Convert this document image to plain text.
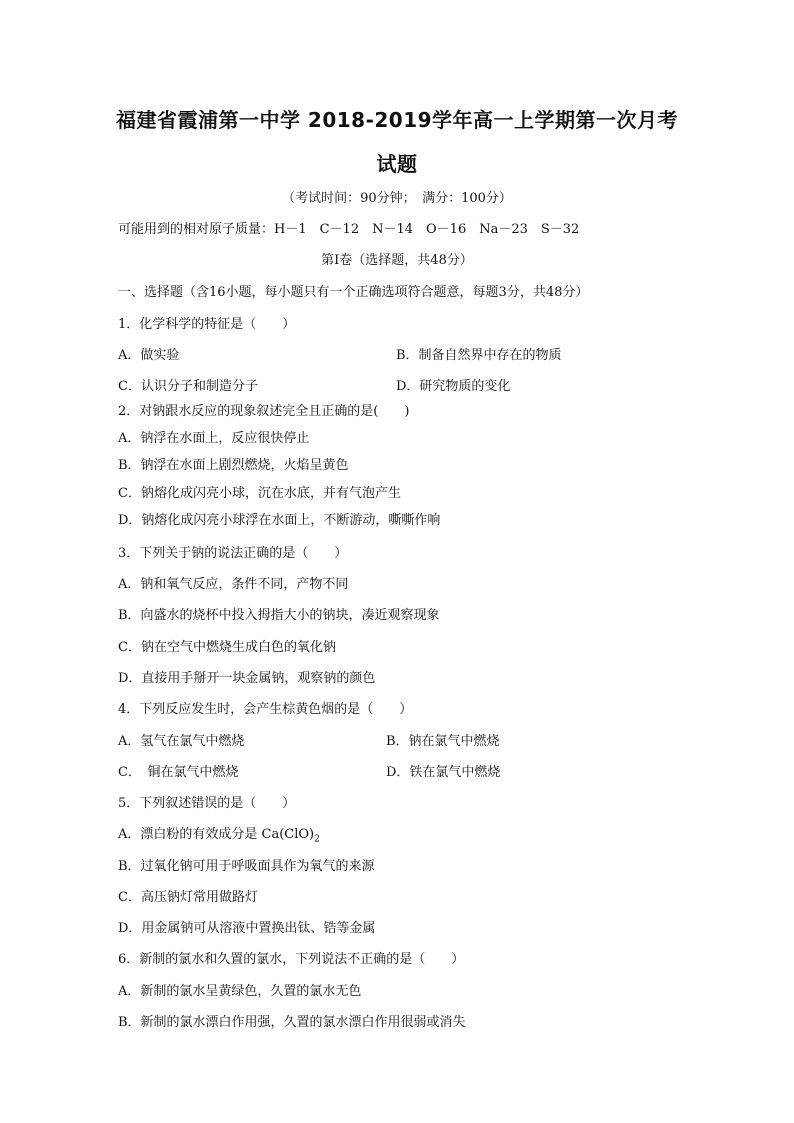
福建省霞浦第一中学 2018-2019学年高一上学期第一次月考
试题
（考试时间：90分钟；　满分：100分）
可能用到的相对原子质量：H－1　C－12　N－14　O－16　Na－23　S－32
第Ⅰ卷（选择题，共48分）
一、选择题（含16小题，每小题只有一个正确选项符合题意，每题3分，共48分）
1．化学科学的特征是（　　）
A．做实验	B．制备自然界中存在的物质
C．认识分子和制造分子	D．研究物质的变化
2．对钠跟水反应的现象叙述完全且正确的是(　　)
A．钠浮在水面上，反应很快停止
B．钠浮在水面上剧烈燃烧，火焰呈黄色
C．钠熔化成闪亮小球，沉在水底，并有气泡产生
D．钠熔化成闪亮小球浮在水面上，不断游动，嘶嘶作响
3．下列关于钠的说法正确的是（　　）
A．钠和氧气反应，条件不同，产物不同
B．向盛水的烧杯中投入拇指大小的钠块，凑近观察现象
C．钠在空气中燃烧生成白色的氧化钠
D．直接用手掰开一块金属钠，观察钠的颜色
4．下列反应发生时，会产生棕黄色烟的是（　　）
A．氢气在氯气中燃烧	B．钠在氯气中燃烧
C．　铜在氯气中燃烧	D．铁在氯气中燃烧
5．下列叙述错误的是（　　）
A．漂白粉的有效成分是 $Ca(ClO)_2$
B．过氧化钠可用于呼吸面具作为氧气的来源
C．高压钠灯常用做路灯
D．用金属钠可从溶液中置换出钛、锆等金属
6．新制的氯水和久置的氯水，下列说法不正确的是（　　）
A．新制的氯水呈黄绿色，久置的氯水无色
B．新制的氯水漂白作用强，久置的氯水漂白作用很弱或消失
